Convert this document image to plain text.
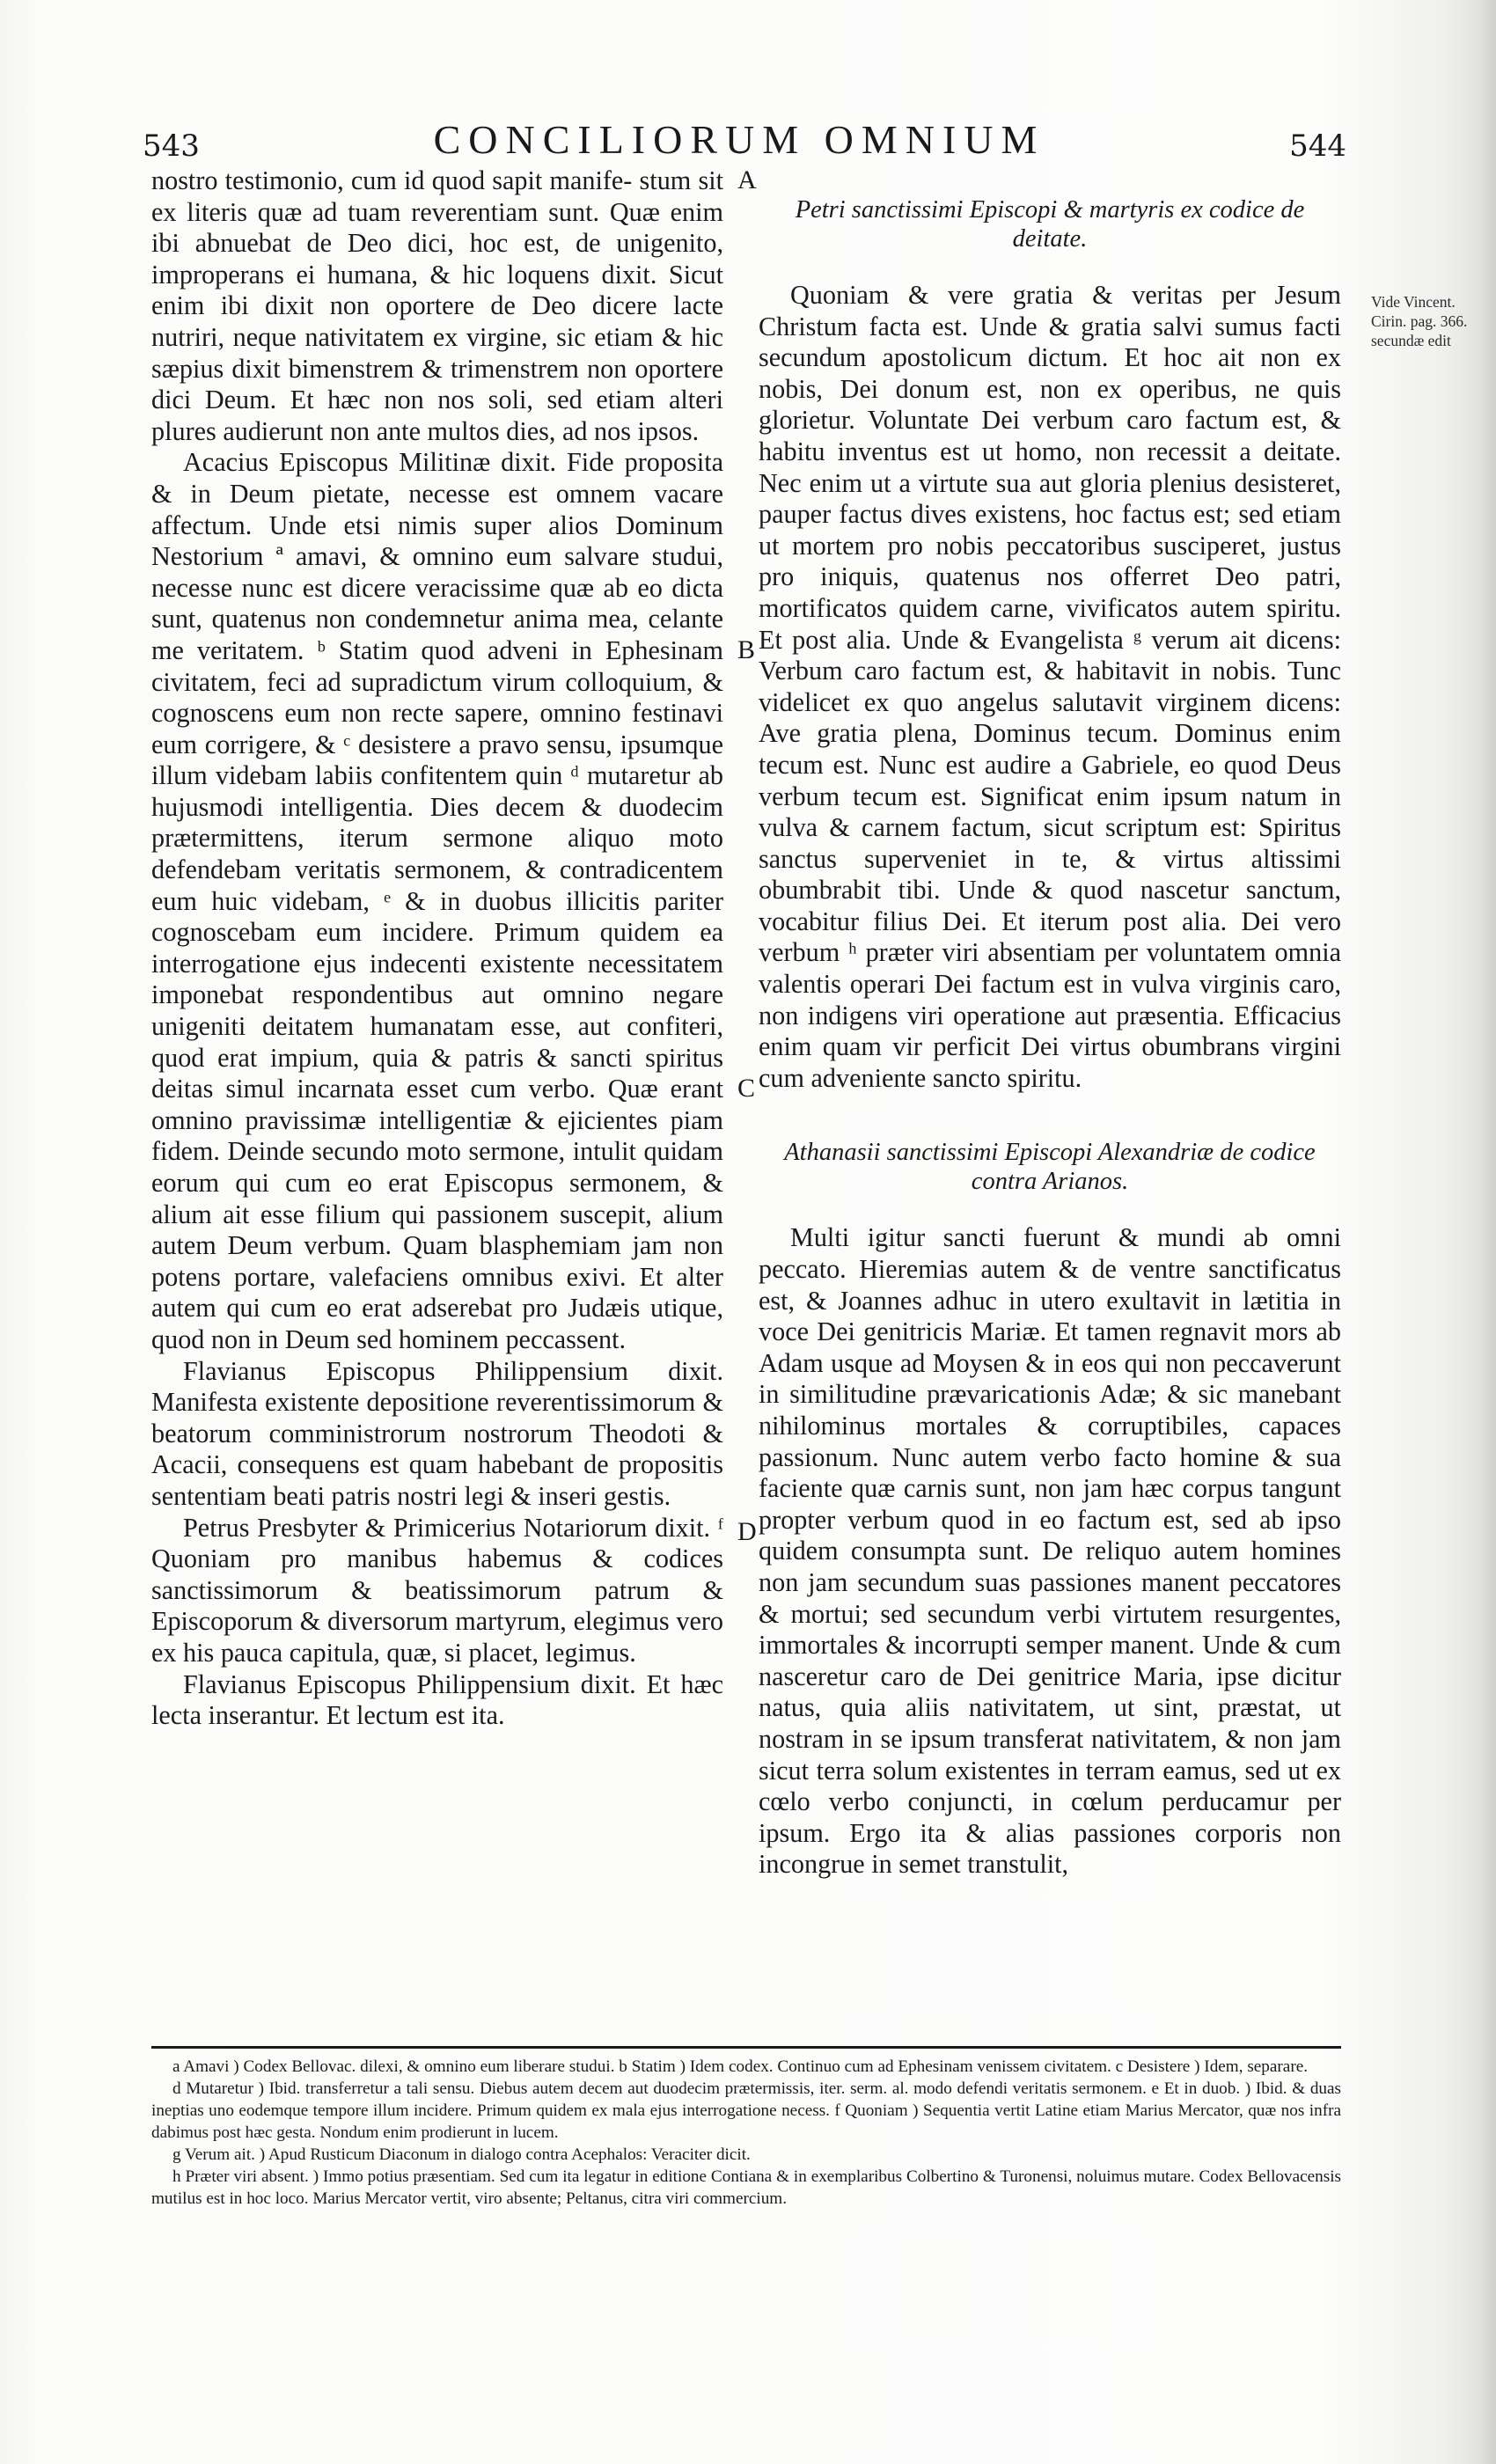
543	CONCILIORUM OMNIUM	544
A
B
C
D

nostro testimonio, cum id quod sapit manife- stum sit ex literis quæ ad tuam reverentiam sunt. Quæ enim ibi abnuebat de Deo dici, hoc est, de unigenito, improperans ei humana, & hic loquens dixit. Sicut enim ibi dixit non oportere de Deo dicere lacte nutriri, neque nativitatem ex virgine, sic etiam & hic sæpius dixit bimenstrem & trimenstrem non oportere dici Deum. Et hæc non nos soli, sed etiam alteri plures audierunt non ante multos dies, ad nos ipsos.

Acacius Episcopus Militinæ dixit. Fide proposita & in Deum pietate, necesse est omnem vacare affectum. Unde etsi nimis super alios Dominum Nestorium ª amavi, & omnino eum salvare studui, necesse nunc est dicere veracissime quæ ab eo dicta sunt, quatenus non condemnetur anima mea, celante me veritatem. ᵇ Statim quod adveni in Ephesinam civitatem, feci ad supradictum virum colloquium, & cognoscens eum non recte sapere, omnino festinavi eum corrigere, & ᶜ desistere a pravo sensu, ipsumque illum videbam labiis confitentem quin ᵈ mutaretur ab hujusmodi intelligentia. Dies decem & duodecim prætermittens, iterum sermone aliquo moto defendebam veritatis sermonem, & contradicentem eum huic videbam, ᵉ & in duobus illicitis pariter cognoscebam eum incidere. Primum quidem ea interrogatione ejus indecenti existente necessitatem imponebat respondentibus aut omnino negare unigeniti deitatem humanatam esse, aut confiteri, quod erat impium, quia & patris & sancti spiritus deitas simul incarnata esset cum verbo. Quæ erant omnino pravissimæ intelligentiæ & ejicientes piam fidem. Deinde secundo moto sermone, intulit quidam eorum qui cum eo erat Episcopus sermonem, & alium ait esse filium qui passionem suscepit, alium autem Deum verbum. Quam blasphemiam jam non potens portare, valefaciens omnibus exivi. Et alter autem qui cum eo erat adserebat pro Judæis utique, quod non in Deum sed hominem peccassent.

Flavianus Episcopus Philippensium dixit. Manifesta existente depositione reverentissimorum & beatorum comministrorum nostrorum Theodoti & Acacii, consequens est quam habebant de propositis sententiam beati patris nostri legi & inseri gestis.

Petrus Presbyter & Primicerius Notariorum dixit. ᶠ Quoniam pro manibus habemus & codices sanctissimorum & beatissimorum patrum & Episcoporum & diversorum martyrum, elegimus vero ex his pauca capitula, quæ, si placet, legimus.

Flavianus Episcopus Philippensium dixit. Et hæc lecta inserantur. Et lectum est ita.

Petri sanctissimi Episcopi & martyris ex codice de deitate.

Quoniam & vere gratia & veritas per Jesum Christum facta est. Unde & gratia salvi sumus facti secundum apostolicum dictum. Et hoc ait non ex nobis, Dei donum est, non ex operibus, ne quis glorietur. Voluntate Dei verbum caro factum est, & habitu inventus est ut homo, non recessit a deitate. Nec enim ut a virtute sua aut gloria plenius desisteret, pauper factus dives existens, hoc factus est; sed etiam ut mortem pro nobis peccatoribus susciperet, justus pro iniquis, quatenus nos offerret Deo patri, mortificatos quidem carne, vivificatos autem spiritu. Et post alia. Unde & Evangelista ᵍ verum ait dicens: Verbum caro factum est, & habitavit in nobis. Tunc videlicet ex quo angelus salutavit virginem dicens: Ave gratia plena, Dominus tecum. Dominus enim tecum est. Nunc est audire a Gabriele, eo quod Deus verbum tecum est. Significat enim ipsum natum in vulva & carnem factum, sicut scriptum est: Spiritus sanctus superveniet in te, & virtus altissimi obumbrabit tibi. Unde & quod nascetur sanctum, vocabitur filius Dei. Et iterum post alia. Dei vero verbum ʰ præter viri absentiam per voluntatem omnia valentis operari Dei factum est in vulva virginis caro, non indigens viri operatione aut præsentia. Efficacius enim quam vir perficit Dei virtus obumbrans virgini cum adveniente sancto spiritu.

Athanasii sanctissimi Episcopi Alexandriæ de codice contra Arianos.

Multi igitur sancti fuerunt & mundi ab omni peccato. Hieremias autem & de ventre sanctificatus est, & Joannes adhuc in utero exultavit in lætitia in voce Dei genitricis Mariæ. Et tamen regnavit mors ab Adam usque ad Moysen & in eos qui non peccaverunt in similitudine prævaricationis Adæ; & sic manebant nihilominus mortales & corruptibiles, capaces passionum. Nunc autem verbo facto homine & sua faciente quæ carnis sunt, non jam hæc corpus tangunt propter verbum quod in eo factum est, sed ab ipso quidem consumpta sunt. De reliquo autem homines non jam secundum suas passiones manent peccatores & mortui; sed secundum verbi virtutem resurgentes, immortales & incorrupti semper manent. Unde & cum nasceretur caro de Dei genitrice Maria, ipse dicitur natus, quia aliis nativitatem, ut sint, præstat, ut nostram in se ipsum transferat nativitatem, & non jam sicut terra solum existentes in terram eamus, sed ut ex cœlo verbo conjuncti, in cœlum perducamur per ipsum. Ergo ita & alias passiones corporis non incongrue in semet transtulit,

Vide Vincent. Cirin. pag. 366. secundæ edit

a Amavi ) Codex Bellovac. dilexi, & omnino eum liberare studui. b Statim ) Idem codex. Continuo cum ad Ephesinam venissem civitatem. c Desistere ) Idem, separare.

d Mutaretur ) Ibid. transferretur a tali sensu. Diebus autem decem aut duodecim prætermissis, iter. serm. al. modo defendi veritatis sermonem. e Et in duob. ) Ibid. & duas ineptias uno eodemque tempore illum incidere. Primum quidem ex mala ejus interrogatione necess. f Quoniam ) Sequentia vertit Latine etiam Marius Mercator, quæ nos infra dabimus post hæc gesta. Nondum enim prodierunt in lucem.

g Verum ait. ) Apud Rusticum Diaconum in dialogo contra Acephalos: Veraciter dicit.

h Præter viri absent. ) Immo potius præsentiam. Sed cum ita legatur in editione Contiana & in exemplaribus Colbertino & Turonensi, noluimus mutare. Codex Bellovacensis mutilus est in hoc loco. Marius Mercator vertit, viro absente; Peltanus, citra viri commercium.
